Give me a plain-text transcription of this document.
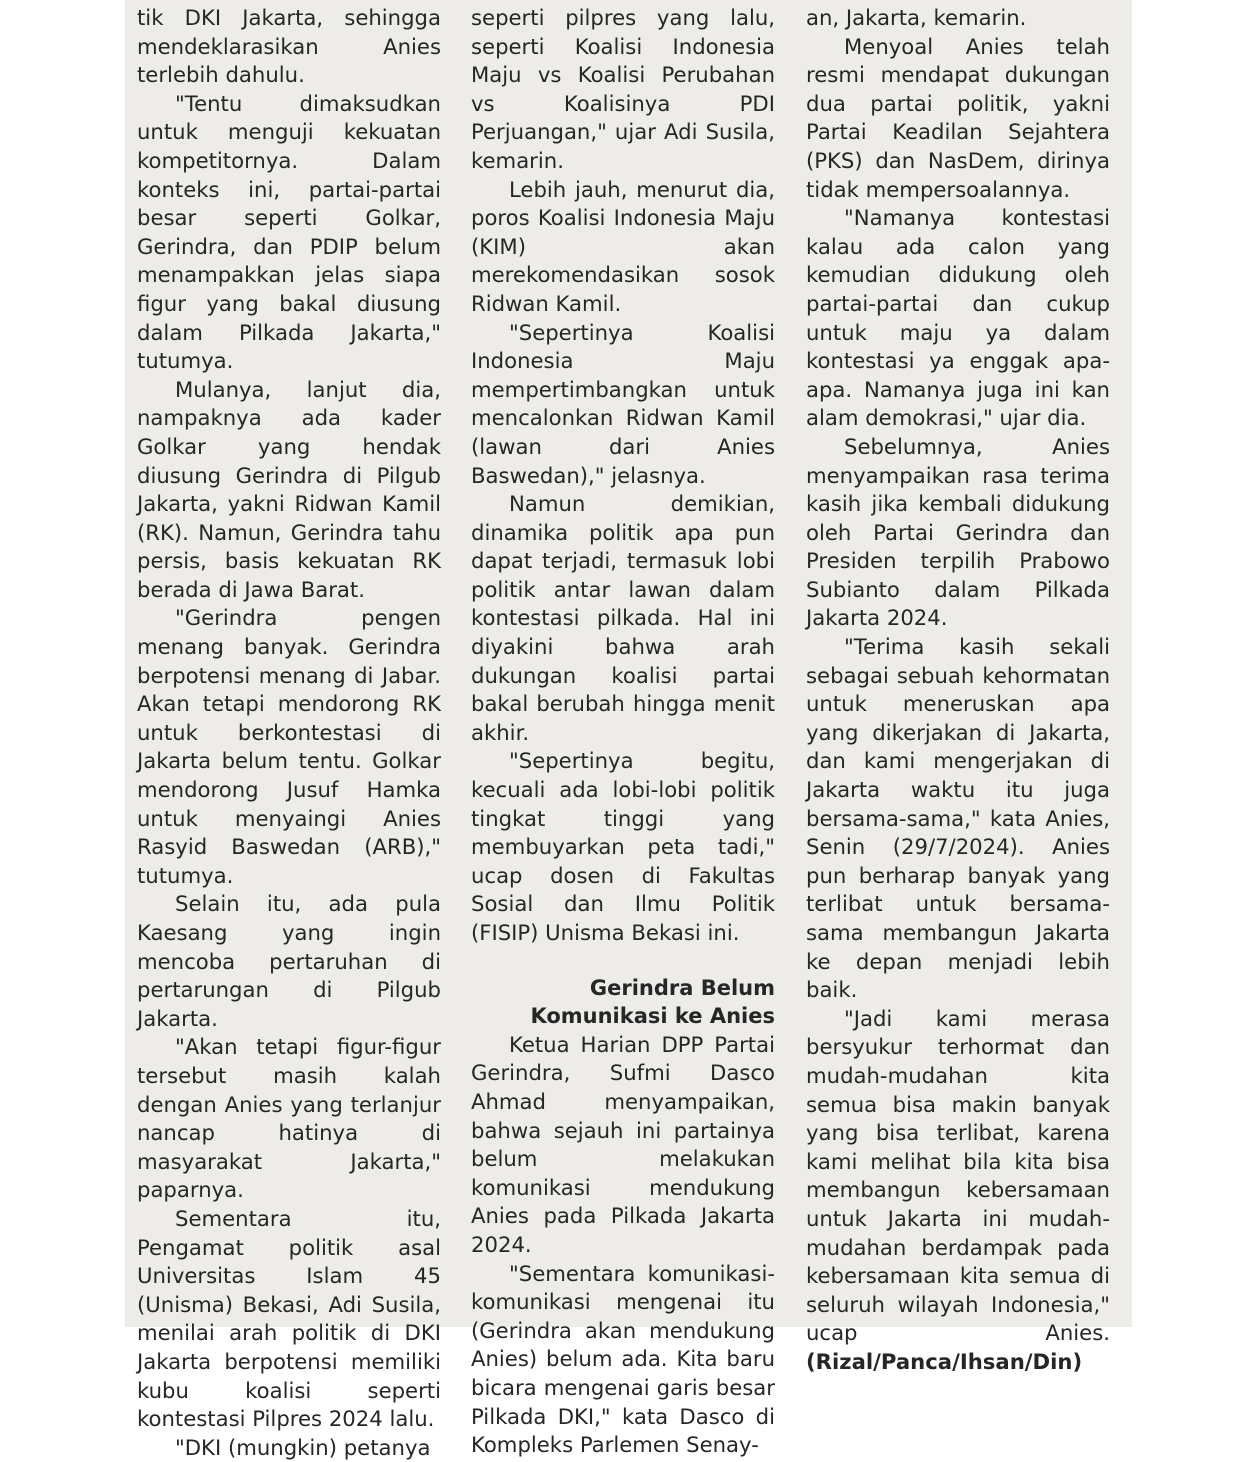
tik DKI Jakarta, sehingga mendeklarasikan Anies terlebih dahulu.

"Tentu dimaksudkan untuk menguji kekuatan kompetitornya. Dalam konteks ini, partai-partai besar seperti Golkar, Gerindra, dan PDIP belum menampakkan jelas siapa figur yang bakal diusung dalam Pilkada Jakarta," tutumya.

Mulanya, lanjut dia, nampaknya ada kader Golkar yang hendak diusung Gerindra di Pilgub Jakarta, yakni Ridwan Kamil (RK). Namun, Gerindra tahu persis, basis kekuatan RK berada di Jawa Barat.

"Gerindra pengen menang banyak. Gerindra berpotensi menang di Jabar. Akan tetapi mendorong RK untuk berkontestasi di Jakarta belum tentu. Golkar mendorong Jusuf Hamka untuk menyaingi Anies Rasyid Baswedan (ARB)," tutumya.

Selain itu, ada pula Kaesang yang ingin mencoba pertaruhan di pertarungan di Pilgub Jakarta.

"Akan tetapi figur-figur tersebut masih kalah dengan Anies yang terlanjur nancap hatinya di masyarakat Jakarta," paparnya.

Sementara itu, Pengamat politik asal Universitas Islam 45 (Unisma) Bekasi, Adi Susila, menilai arah politik di DKI Jakarta berpotensi memiliki kubu koalisi seperti kontestasi Pilpres 2024 lalu.

"DKI (mungkin) petanya

seperti pilpres yang lalu, seperti Koalisi Indonesia Maju vs Koalisi Perubahan vs Koalisinya PDI Perjuangan," ujar Adi Susila, kemarin.

Lebih jauh, menurut dia, poros Koalisi Indonesia Maju (KIM) akan merekomendasikan sosok Ridwan Kamil.

"Sepertinya Koalisi Indonesia Maju mempertimbangkan untuk mencalonkan Ridwan Kamil (lawan dari Anies Baswedan)," jelasnya.

Namun demikian, dinamika politik apa pun dapat terjadi, termasuk lobi politik antar lawan dalam kontestasi pilkada. Hal ini diyakini bahwa arah dukungan koalisi partai bakal berubah hingga menit akhir.

"Sepertinya begitu, kecuali ada lobi-lobi politik tingkat tinggi yang membuyarkan peta tadi," ucap dosen di Fakultas Sosial dan Ilmu Politik (FISIP) Unisma Bekasi ini.

Gerindra Belum Komunikasi ke Anies

Ketua Harian DPP Partai Gerindra, Sufmi Dasco Ahmad menyampaikan, bahwa sejauh ini partainya belum melakukan komunikasi mendukung Anies pada Pilkada Jakarta 2024.

"Sementara komunikasi-komunikasi mengenai itu (Gerindra akan mendukung Anies) belum ada. Kita baru bicara mengenai garis besar Pilkada DKI," kata Dasco di Kompleks Parlemen Senay-

an, Jakarta, kemarin.

Menyoal Anies telah resmi mendapat dukungan dua partai politik, yakni Partai Keadilan Sejahtera (PKS) dan NasDem, dirinya tidak mempersoalannya.

"Namanya kontestasi kalau ada calon yang kemudian didukung oleh partai-partai dan cukup untuk maju ya dalam kontestasi ya enggak apa-apa. Namanya juga ini kan alam demokrasi," ujar dia.

Sebelumnya, Anies menyampaikan rasa terima kasih jika kembali didukung oleh Partai Gerindra dan Presiden terpilih Prabowo Subianto dalam Pilkada Jakarta 2024.

"Terima kasih sekali sebagai sebuah kehormatan untuk meneruskan apa yang dikerjakan di Jakarta, dan kami mengerjakan di Jakarta waktu itu juga bersama-sama," kata Anies, Senin (29/7/2024). Anies pun berharap banyak yang terlibat untuk bersama-sama membangun Jakarta ke depan menjadi lebih baik.

"Jadi kami merasa bersyukur terhormat dan mudah-mudahan kita semua bisa makin banyak yang bisa terlibat, karena kami melihat bila kita bisa membangun kebersamaan untuk Jakarta ini mudah-mudahan berdampak pada kebersamaan kita semua di seluruh wilayah Indonesia," ucap Anies. (Rizal/Panca/Ihsan/Din)
